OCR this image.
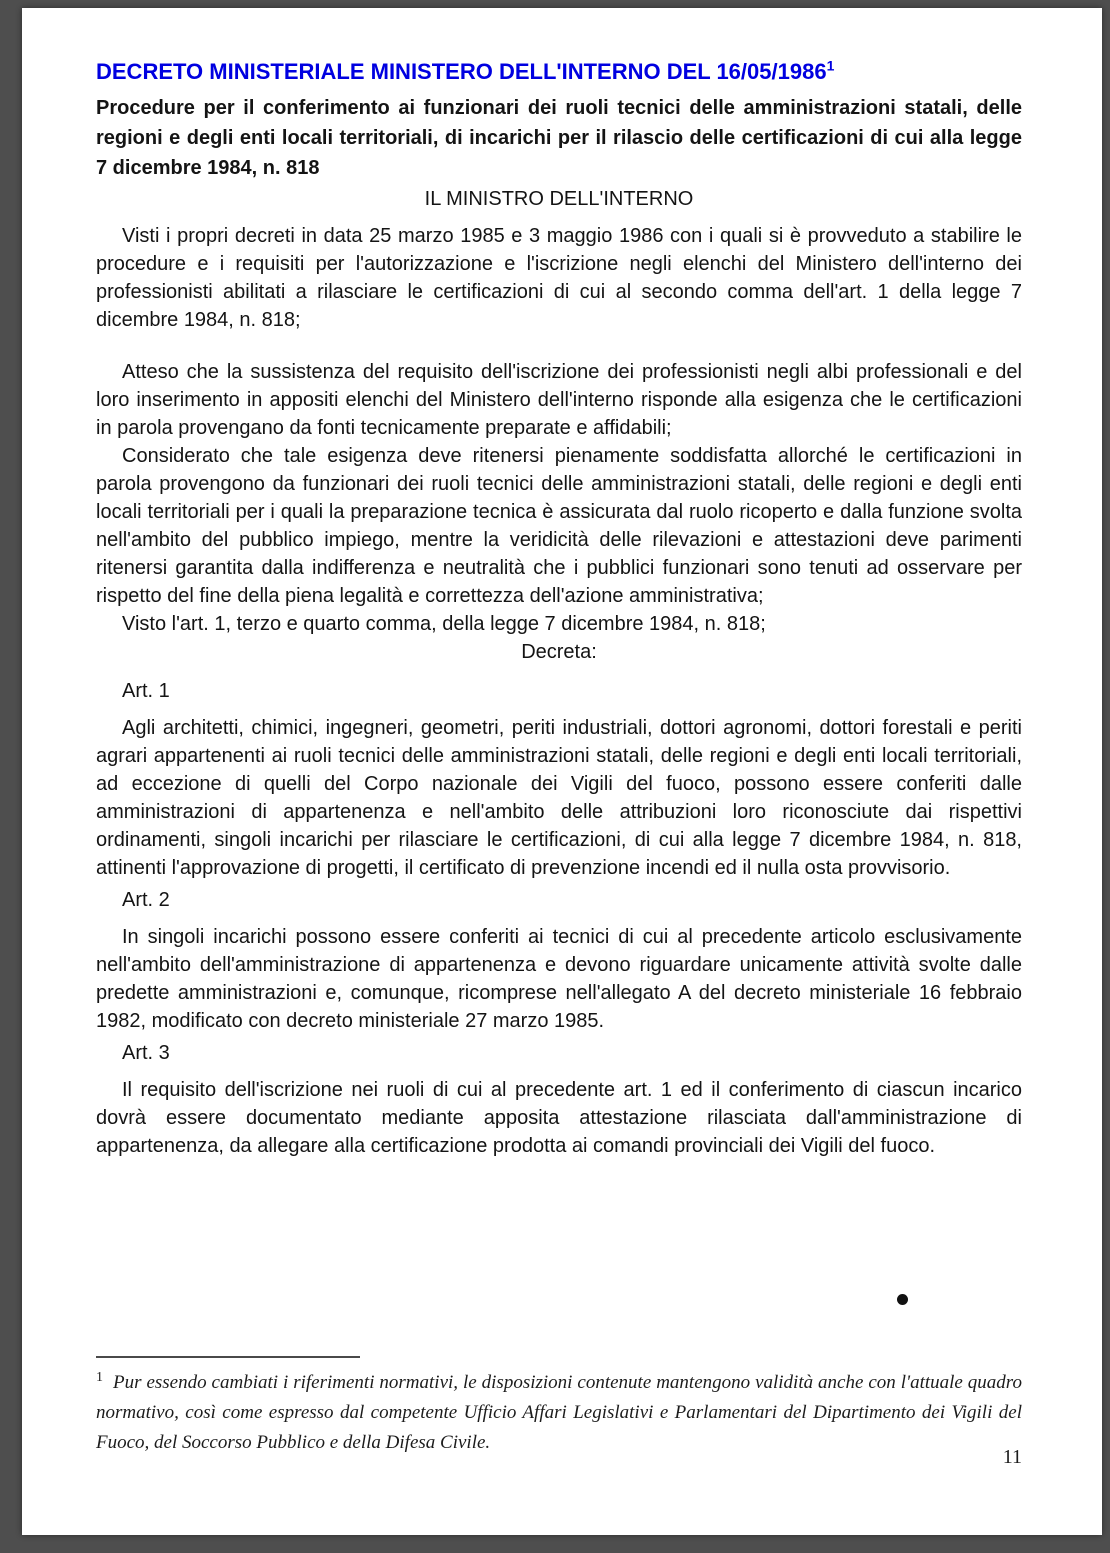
DECRETO MINISTERIALE MINISTERO DELL'INTERNO DEL 16/05/1986$^1$

Procedure per il conferimento ai funzionari dei ruoli tecnici delle amministrazioni statali, delle regioni e degli enti locali territoriali, di incarichi per il rilascio delle certificazioni di cui alla legge 7 dicembre 1984, n. 818

IL MINISTRO DELL'INTERNO

Visti i propri decreti in data 25 marzo 1985 e 3 maggio 1986 con i quali si è provveduto a stabilire le procedure e i requisiti per l'autorizzazione e l'iscrizione negli elenchi del Ministero dell'interno dei professionisti abilitati a rilasciare le certificazioni di cui al secondo comma dell'art. 1 della legge 7 dicembre 1984, n. 818;

Atteso che la sussistenza del requisito dell'iscrizione dei professionisti negli albi professionali e del loro inserimento in appositi elenchi del Ministero dell'interno risponde alla esigenza che le certificazioni in parola provengano da fonti tecnicamente preparate e affidabili;

Considerato che tale esigenza deve ritenersi pienamente soddisfatta allorché le certificazioni in parola provengono da funzionari dei ruoli tecnici delle amministrazioni statali, delle regioni e degli enti locali territoriali per i quali la preparazione tecnica è assicurata dal ruolo ricoperto e dalla funzione svolta nell'ambito del pubblico impiego, mentre la veridicità delle rilevazioni e attestazioni deve parimenti ritenersi garantita dalla indifferenza e neutralità che i pubblici funzionari sono tenuti ad osservare per rispetto del fine della piena legalità e correttezza dell'azione amministrativa;

Visto l'art. 1, terzo e quarto comma, della legge 7 dicembre 1984, n. 818;

Decreta:

Art. 1

Agli architetti, chimici, ingegneri, geometri, periti industriali, dottori agronomi, dottori forestali e periti agrari appartenenti ai ruoli tecnici delle amministrazioni statali, delle regioni e degli enti locali territoriali, ad eccezione di quelli del Corpo nazionale dei Vigili del fuoco, possono essere conferiti dalle amministrazioni di appartenenza e nell'ambito delle attribuzioni loro riconosciute dai rispettivi ordinamenti, singoli incarichi per rilasciare le certificazioni, di cui alla legge 7 dicembre 1984, n. 818, attinenti l'approvazione di progetti, il certificato di prevenzione incendi ed il nulla osta provvisorio.

Art. 2

In singoli incarichi possono essere conferiti ai tecnici di cui al precedente articolo esclusivamente nell'ambito dell'amministrazione di appartenenza e devono riguardare unicamente attività svolte dalle predette amministrazioni e, comunque, ricomprese nell'allegato A del decreto ministeriale 16 febbraio 1982, modificato con decreto ministeriale 27 marzo 1985.

Art. 3

Il requisito dell'iscrizione nei ruoli di cui al precedente art. 1 ed il conferimento di ciascun incarico dovrà essere documentato mediante apposita attestazione rilasciata dall'amministrazione di appartenenza, da allegare alla certificazione prodotta ai comandi provinciali dei Vigili del fuoco.

$^1$ Pur essendo cambiati i riferimenti normativi, le disposizioni contenute mantengono validità anche con l'attuale quadro normativo, così come espresso dal competente Ufficio Affari Legislativi e Parlamentari del Dipartimento dei Vigili del Fuoco, del Soccorso Pubblico e della Difesa Civile.

11
